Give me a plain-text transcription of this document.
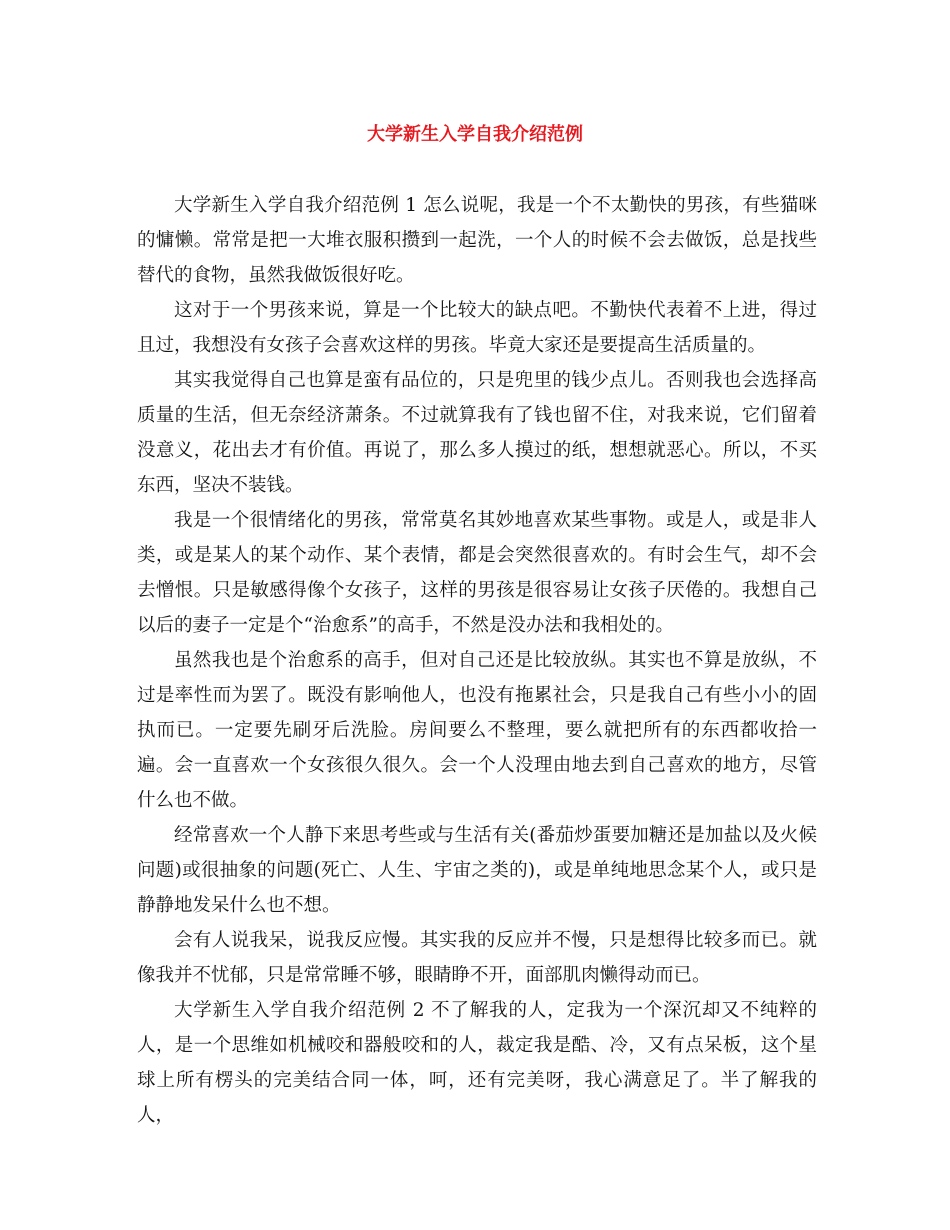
大学新生入学自我介绍范例

大学新生入学自我介绍范例 1 怎么说呢，我是一个不太勤快的男孩，有些猫咪的慵懒。常常是把一大堆衣服积攒到一起洗，一个人的时候不会去做饭，总是找些替代的食物，虽然我做饭很好吃。

这对于一个男孩来说，算是一个比较大的缺点吧。不勤快代表着不上进，得过且过，我想没有女孩子会喜欢这样的男孩。毕竟大家还是要提高生活质量的。

其实我觉得自己也算是蛮有品位的，只是兜里的钱少点儿。否则我也会选择高质量的生活，但无奈经济萧条。不过就算我有了钱也留不住，对我来说，它们留着没意义，花出去才有价值。再说了，那么多人摸过的纸，想想就恶心。所以，不买东西，坚决不装钱。

我是一个很情绪化的男孩，常常莫名其妙地喜欢某些事物。或是人，或是非人类，或是某人的某个动作、某个表情，都是会突然很喜欢的。有时会生气，却不会去憎恨。只是敏感得像个女孩子，这样的男孩是很容易让女孩子厌倦的。我想自己以后的妻子一定是个“治愈系”的高手，不然是没办法和我相处的。

虽然我也是个治愈系的高手，但对自己还是比较放纵。其实也不算是放纵，不过是率性而为罢了。既没有影响他人，也没有拖累社会，只是我自己有些小小的固执而已。一定要先刷牙后洗脸。房间要么不整理，要么就把所有的东西都收拾一遍。会一直喜欢一个女孩很久很久。会一个人没理由地去到自己喜欢的地方，尽管什么也不做。

经常喜欢一个人静下来思考些或与生活有关(番茄炒蛋要加糖还是加盐以及火候问题)或很抽象的问题(死亡、人生、宇宙之类的)，或是单纯地思念某个人，或只是静静地发呆什么也不想。

会有人说我呆，说我反应慢。其实我的反应并不慢，只是想得比较多而已。就像我并不忧郁，只是常常睡不够，眼睛睁不开，面部肌肉懒得动而已。

大学新生入学自我介绍范例 2 不了解我的人，定我为一个深沉却又不纯粹的人，是一个思维如机械咬和器般咬和的人，裁定我是酷、冷，又有点呆板，这个星球上所有楞头的完美结合同一体，呵，还有完美呀，我心满意足了。半了解我的人，
